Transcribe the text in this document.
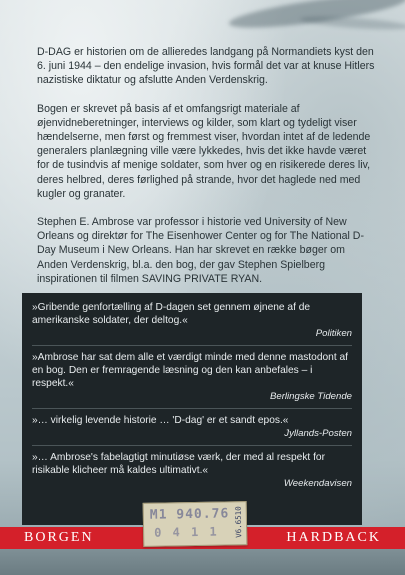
D-DAG er historien om de allieredes landgang på Normandiets kyst den 6. juni 1944 – den endelige invasion, hvis formål det var at knuse Hitlers nazistiske diktatur og afslutte Anden Verdenskrig.

Bogen er skrevet på basis af et omfangsrigt materiale af øjenvidneberetninger, interviews og kilder, som klart og tydeligt viser hændelserne, men først og fremmest viser, hvordan intet af de ledende generalers planlægning ville være lykkedes, hvis det ikke havde været for de tusindvis af menige soldater, som hver og en risikerede deres liv, deres helbred, deres førlighed på strande, hvor det haglede ned med kugler og granater.

Stephen E. Ambrose var professor i historie ved University of New Orleans og direktør for The Eisenhower Center og for The National D-Day Museum i New Orleans. Han har skrevet en række bøger om Anden Verdenskrig, bl.a. den bog, der gav Stephen Spielberg inspirationen til filmen SAVING PRIVATE RYAN.

»Gribende genfortælling af D-dagen set gennem øjnene af de amerikanske soldater, der deltog.«
Politiken
»Ambrose har sat dem alle et værdigt minde med denne mastodont af en bog. Den er fremragende læsning og den kan anbefales – i respekt.«
Berlingske Tidende
»… virkelig levende historie … 'D-dag' er et sandt epos.«
Jyllands-Posten
»… Ambrose's fabelagtigt minutiøse værk, der med al respekt for risikable klicheer må kaldes ultimativt.«
Weekendavisen
BORGEN	HARDBACK
M1 940.76
0 4 1 1 V6.6510
